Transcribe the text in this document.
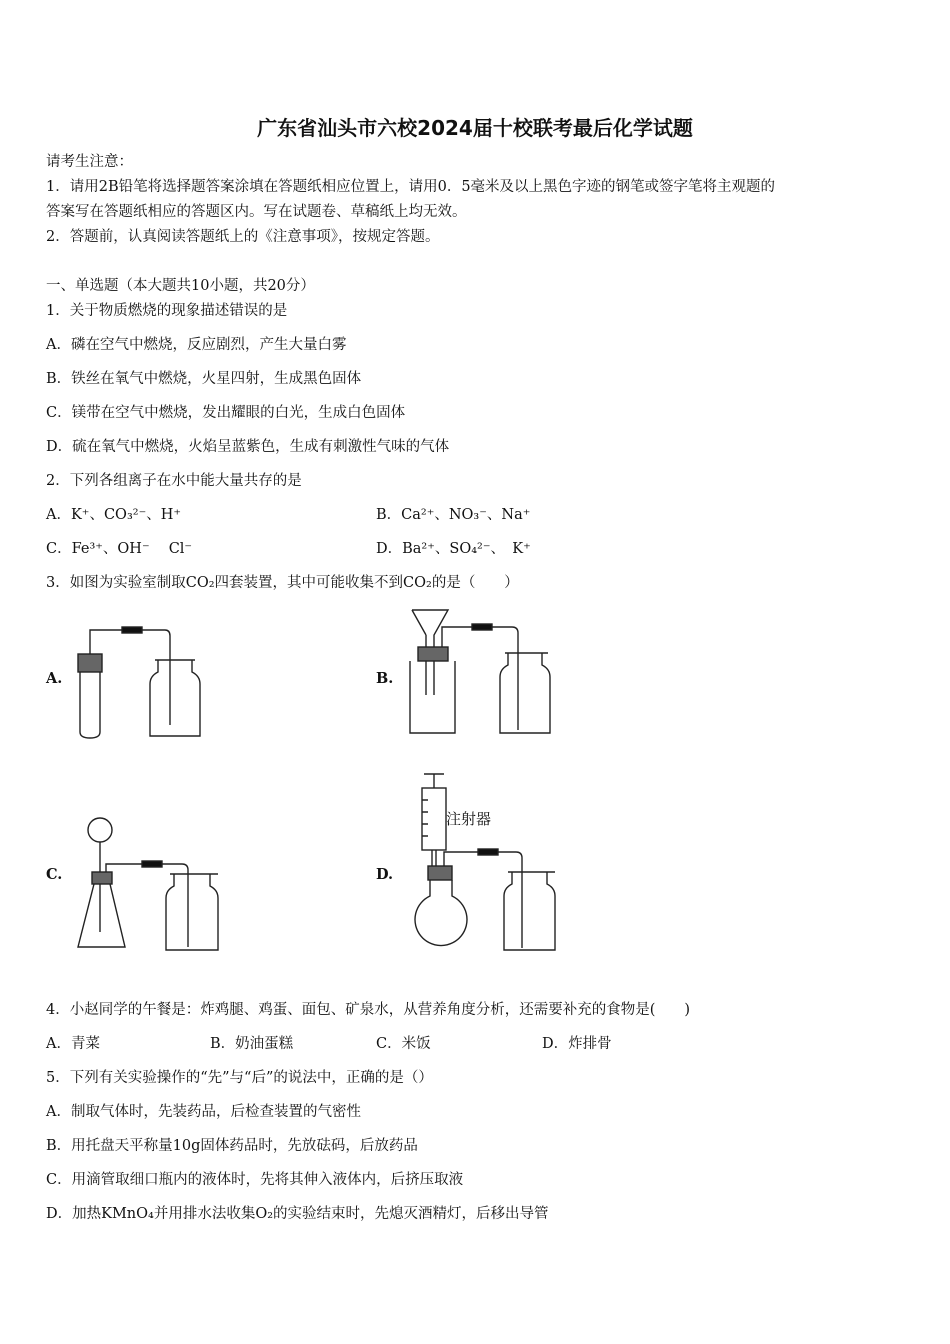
广东省汕头市六校2024届十校联考最后化学试题
请考生注意：
1．请用2B铅笔将选择题答案涂填在答题纸相应位置上，请用0．5毫米及以上黑色字迹的钢笔或签字笔将主观题的
答案写在答题纸相应的答题区内。写在试题卷、草稿纸上均无效。
2．答题前，认真阅读答题纸上的《注意事项》，按规定答题。
一、单选题（本大题共10小题，共20分）
1．关于物质燃烧的现象描述错误的是
A．磷在空气中燃烧，反应剧烈，产生大量白雾
B．铁丝在氧气中燃烧，火星四射，生成黑色固体
C．镁带在空气中燃烧，发出耀眼的白光，生成白色固体
D．硫在氧气中燃烧，火焰呈蓝紫色，生成有刺激性气味的气体
2．下列各组离子在水中能大量共存的是
A．K⁺、CO₃²⁻、H⁺	B．Ca²⁺、NO₃⁻、Na⁺
C．Fe³⁺、OH⁻　 Cl⁻	D．Ba²⁺、SO₄²⁻、　K⁺
3．如图为实验室制取CO₂四套装置，其中可能收集不到CO₂的是（　　）
A.	B.
C.	D.
注射器
4．小赵同学的午餐是：炸鸡腿、鸡蛋、面包、矿泉水，从营养角度分析，还需要补充的食物是(　　)
A．青菜	B．奶油蛋糕	C．米饭	D．炸排骨
5．下列有关实验操作的“先”与“后”的说法中，正确的是（）
A．制取气体时，先装药品，后检查装置的气密性
B．用托盘天平称量10g固体药品时，先放砝码，后放药品
C．用滴管取细口瓶内的液体时，先将其伸入液体内，后挤压取液
D．加热KMnO₄并用排水法收集O₂的实验结束时，先熄灭酒精灯，后移出导管
